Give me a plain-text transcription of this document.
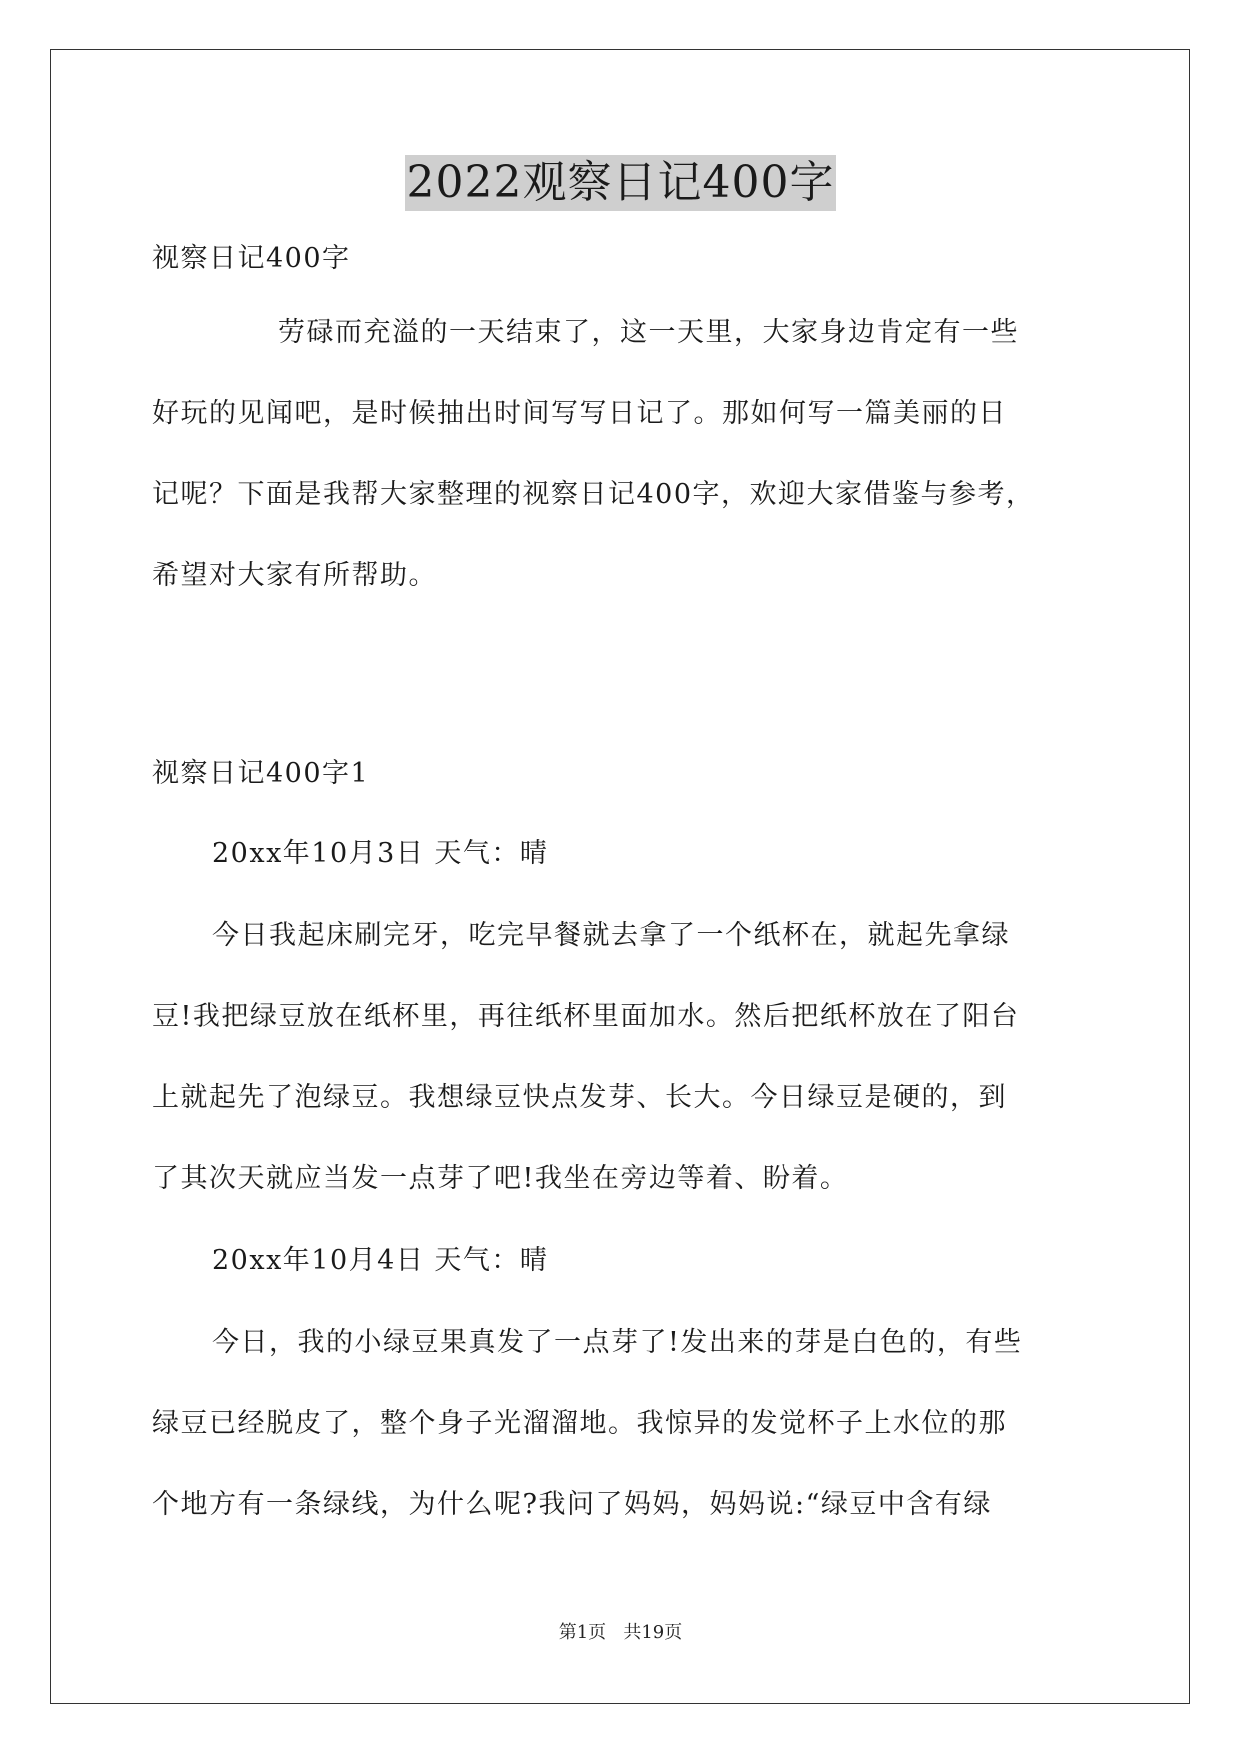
2022观察日记400字
视察日记400字
劳碌而充溢的一天结束了，这一天里，大家身边肯定有一些
好玩的见闻吧，是时候抽出时间写写日记了。那如何写一篇美丽的日
记呢？下面是我帮大家整理的视察日记400字，欢迎大家借鉴与参考，
希望对大家有所帮助。
视察日记400字1
20xx年10月3日 天气：晴
今日我起床刷完牙，吃完早餐就去拿了一个纸杯在，就起先拿绿
豆!我把绿豆放在纸杯里，再往纸杯里面加水。然后把纸杯放在了阳台
上就起先了泡绿豆。我想绿豆快点发芽、长大。今日绿豆是硬的，到
了其次天就应当发一点芽了吧!我坐在旁边等着、盼着。
20xx年10月4日 天气：晴
今日，我的小绿豆果真发了一点芽了!发出来的芽是白色的，有些
绿豆已经脱皮了，整个身子光溜溜地。我惊异的发觉杯子上水位的那
个地方有一条绿线，为什么呢?我问了妈妈，妈妈说:“绿豆中含有绿
第1页 共19页
